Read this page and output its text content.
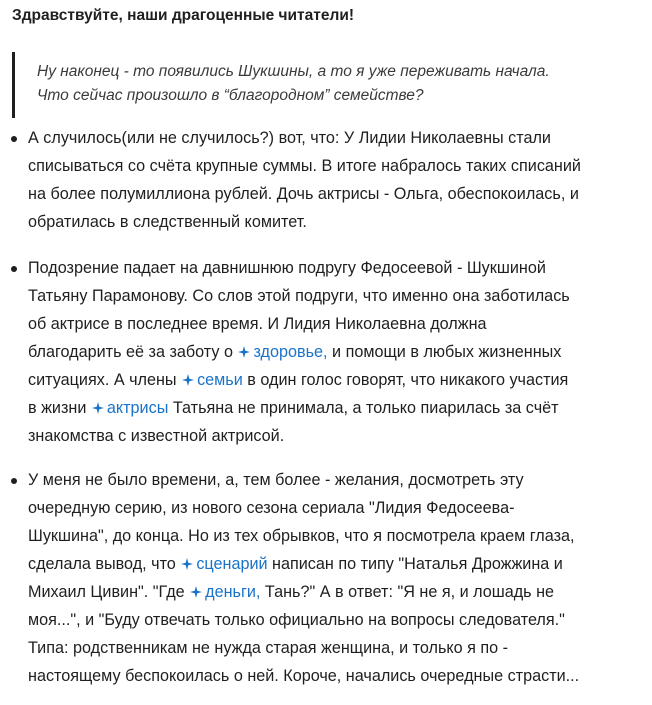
Здравствуйте, наши драгоценные читатели!
Ну наконец - то появились Шукшины, а то я уже переживать начала.
Что сейчас произошло в “благородном” семействе?
А случилось(или не случилось?) вот, что: У Лидии Николаевны стали
списываться со счёта крупные суммы. В итоге набралось таких списаний
на более полумиллиона рублей. Дочь актрисы - Ольга, обеспокоилась, и
обратилась в следственный комитет.
Подозрение падает на давнишнюю подругу Федосеевой - Шукшиной
Татьяну Парамонову. Со слов этой подруги, что именно она заботилась
об актрисе в последнее время. И Лидия Николаевна должна
благодарить её за заботу о здоровье, и помощи в любых жизненных
ситуациях. А члены семьи в один голос говорят, что никакого участия
в жизни актрисы Татьяна не принимала, а только пиарилась за счёт
знакомства с известной актрисой.
У меня не было времени, а, тем более - желания, досмотреть эту
очередную серию, из нового сезона сериала "Лидия Федосеева-
Шукшина", до конца. Но из тех обрывков, что я посмотрела краем глаза,
сделала вывод, что сценарий написан по типу "Наталья Дрожжина и
Михаил Цивин". "Где деньги, Тань?" А в ответ: "Я не я, и лошадь не
моя...", и "Буду отвечать только официально на вопросы следователя."
Типа: родственникам не нужда старая женщина, и только я по -
настоящему беспокоилась о ней. Короче, начались очередные страсти...
